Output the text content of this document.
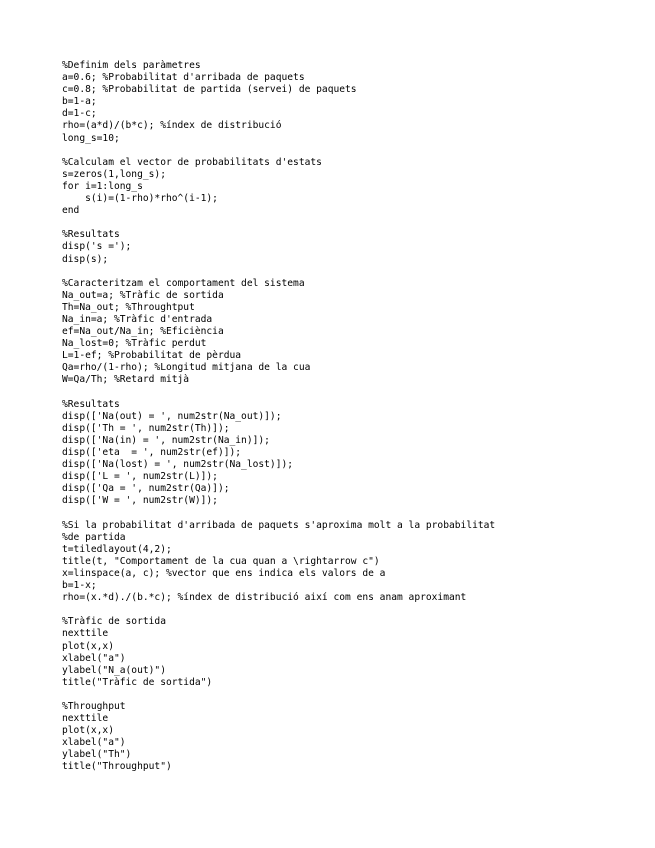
%Definim dels paràmetres
a=0.6; %Probabilitat d'arribada de paquets
c=0.8; %Probabilitat de partida (servei) de paquets
b=1-a;
d=1-c;
rho=(a*d)/(b*c); %índex de distribució
long_s=10;
%Calculam el vector de probabilitats d'estats
s=zeros(1,long_s);
for i=1:long_s
s(i)=(1-rho)*rho^(i-1);
end
%Resultats
disp('s =');
disp(s);
%Caracteritzam el comportament del sistema
Na_out=a; %Tràfic de sortida
Th=Na_out; %Throughtput
Na_in=a; %Tràfic d'entrada
ef=Na_out/Na_in; %Eficiència
Na_lost=0; %Tràfic perdut
L=1-ef; %Probabilitat de pèrdua
Qa=rho/(1-rho); %Longitud mitjana de la cua
W=Qa/Th; %Retard mitjà
%Resultats
disp(['Na(out) = ', num2str(Na_out)]);
disp(['Th = ', num2str(Th)]);
disp(['Na(in) = ', num2str(Na_in)]);
disp(['eta  = ', num2str(ef)]);
disp(['Na(lost) = ', num2str(Na_lost)]);
disp(['L = ', num2str(L)]);
disp(['Qa = ', num2str(Qa)]);
disp(['W = ', num2str(W)]);
%Si la probabilitat d'arribada de paquets s'aproxima molt a la probabilitat
%de partida
t=tiledlayout(4,2);
title(t, "Comportament de la cua quan a \rightarrow c")
x=linspace(a, c); %vector que ens indica els valors de a
b=1-x;
rho=(x.*d)./(b.*c); %índex de distribució així com ens anam aproximant
%Tràfic de sortida
nexttile
plot(x,x)
xlabel("a")
ylabel("N_a(out)")
title("Tràfic de sortida")
%Throughput
nexttile
plot(x,x)
xlabel("a")
ylabel("Th")
title("Throughput")
